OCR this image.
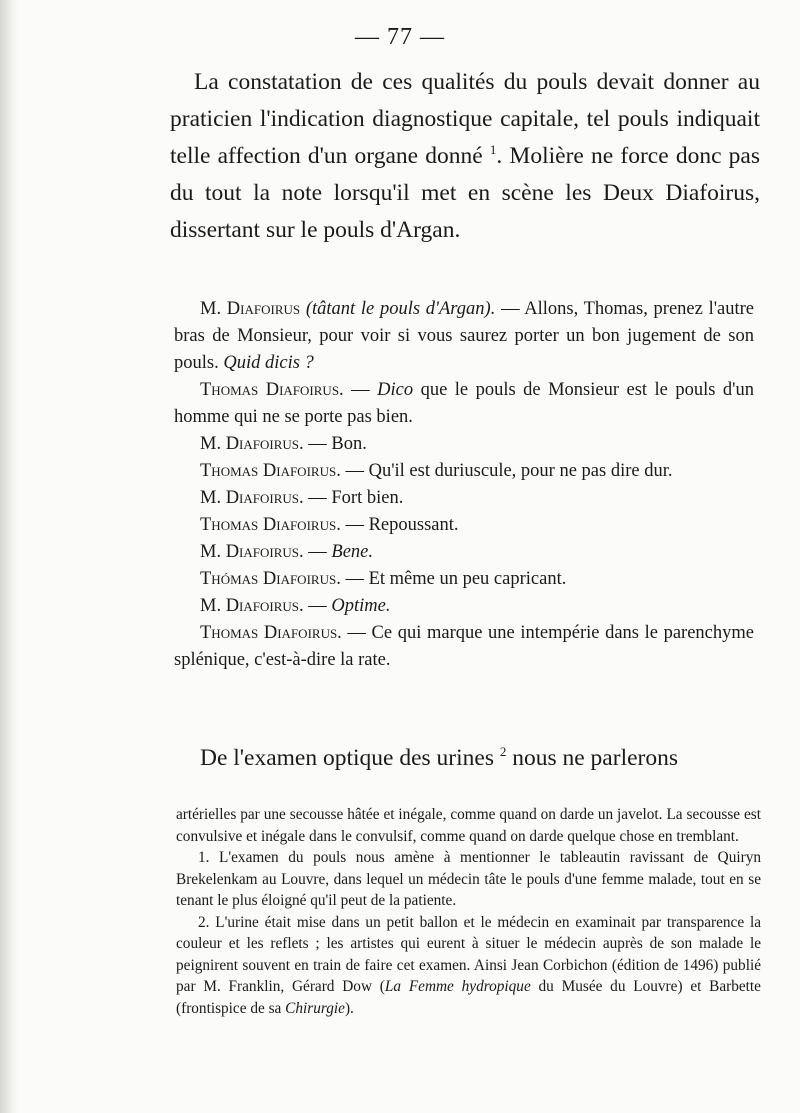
— 77 —

La constatation de ces qualités du pouls devait donner au praticien l'indication diagnostique capitale, tel pouls indiquait telle affection d'un organe donné $^1$. Molière ne force donc pas du tout la note lorsqu'il met en scène les Deux Diafoirus, dissertant sur le pouls d'Argan.

M. Diafoirus (tâtant le pouls d'Argan). — Allons, Thomas, prenez l'autre bras de Monsieur, pour voir si vous saurez porter un bon jugement de son pouls. Quid dicis ?

Thomas Diafoirus. — Dico que le pouls de Monsieur est le pouls d'un homme qui ne se porte pas bien.

M. Diafoirus. — Bon.

Thomas Diafoirus. — Qu'il est duriuscule, pour ne pas dire dur.

M. Diafoirus. — Fort bien.

Thomas Diafoirus. — Repoussant.

M. Diafoirus. — Bene.

Thómas Diafoirus. — Et même un peu capricant.

M. Diafoirus. — Optime.

Thomas Diafoirus. — Ce qui marque une intempérie dans le parenchyme splénique, c'est-à-dire la rate.

De l'examen optique des urines $^2$ nous ne parlerons

artérielles par une secousse hâtée et inégale, comme quand on darde un javelot. La secousse est convulsive et inégale dans le convulsif, comme quand on darde quelque chose en tremblant.

1. L'examen du pouls nous amène à mentionner le tableautin ravissant de Quiryn Brekelenkam au Louvre, dans lequel un médecin tâte le pouls d'une femme malade, tout en se tenant le plus éloigné qu'il peut de la patiente.

2. L'urine était mise dans un petit ballon et le médecin en examinait par transparence la couleur et les reflets ; les artistes qui eurent à situer le médecin auprès de son malade le peignirent souvent en train de faire cet examen. Ainsi Jean Corbichon (édition de 1496) publié par M. Franklin, Gérard Dow (La Femme hydropique du Musée du Louvre) et Barbette (frontispice de sa Chirurgie).
